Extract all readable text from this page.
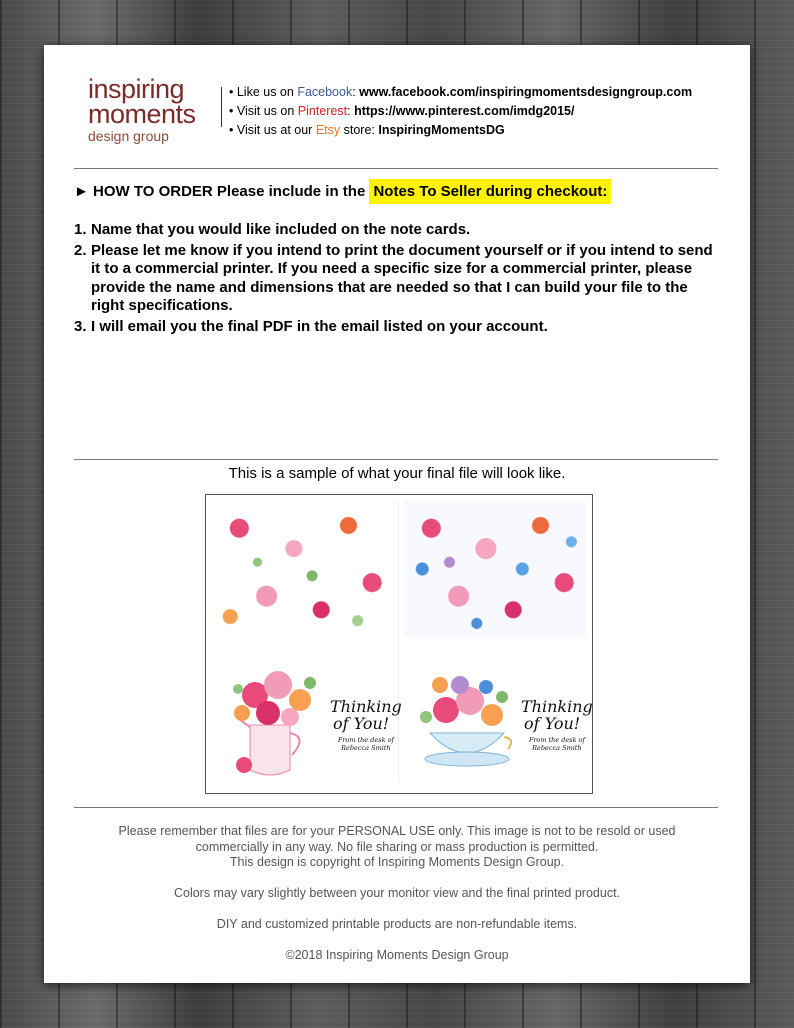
inspiring
moments
design group
• Like us on Facebook: www.facebook.com/inspiringmomentsdesigngroup.com
• Visit us on Pinterest: https://www.pinterest.com/imdg2015/
• Visit us at our Etsy store: InspiringMomentsDG
► HOW TO ORDER Please include in the Notes To Seller during checkout:
1. Name that you would like included on the note cards.
2. Please let me know if you intend to print the document yourself or if you intend to send it to a commercial printer. If you need a specific size for a commercial printer, please provide the name and dimensions that are needed so that I can build your file to the right specifications.
3. I will email you the final PDF in the email listed on your account.
This is a sample of what your final file will look like.
Thinking
of You!
From the desk of
Rebecca Smith
Thinking
of You!
From the desk of
Rebecca Smith
Please remember that files are for your PERSONAL USE only. This image is not to be resold or used
commercially in any way. No file sharing or mass production is permitted.
This design is copyright of Inspiring Moments Design Group.
Colors may vary slightly between your monitor view and the final printed product.
DIY and customized printable products are non-refundable items.
©2018 Inspiring Moments Design Group
